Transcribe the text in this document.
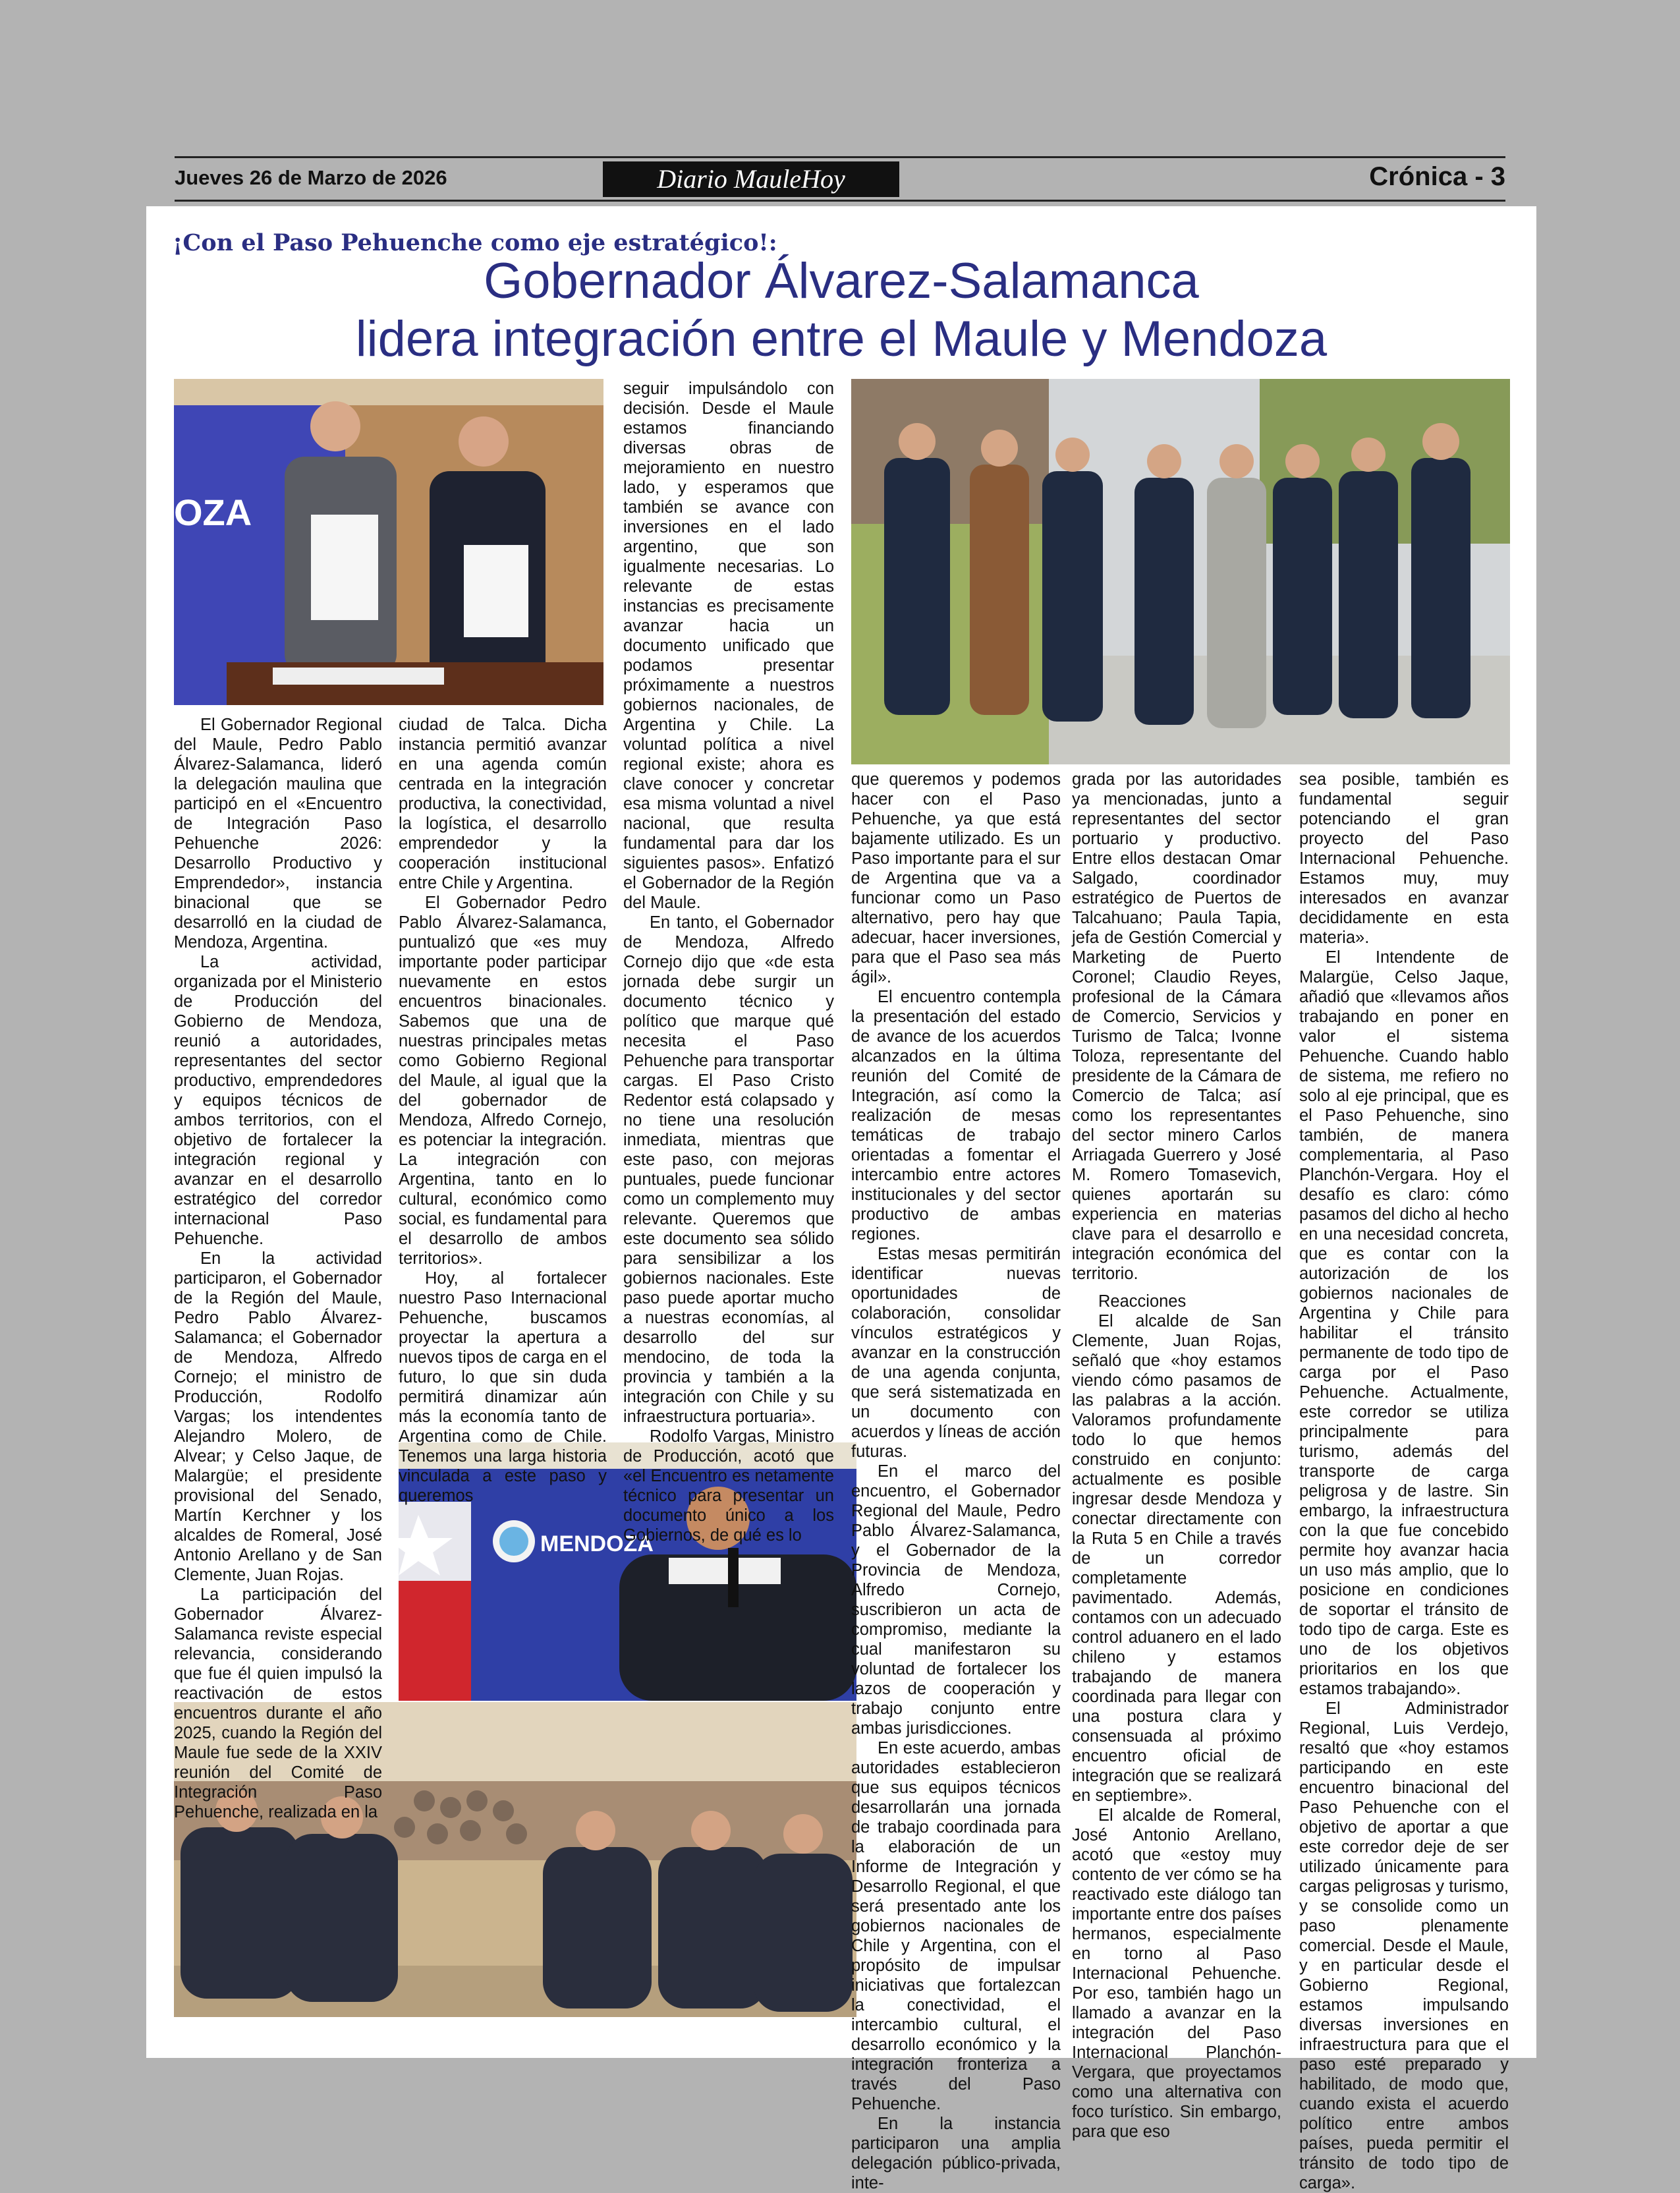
Jueves 26 de Marzo de 2026	Diario MauleHoy	Crónica - 3
¡Con el Paso Pehuenche como eje estratégico!:
Gobernador Álvarez-Salamanca
lidera integración entre el Maule y Mendoza
OZA
MENDOZA

El Gobernador Regional del Maule, Pedro Pablo Álvarez-Salamanca, lideró la delegación maulina que participó en el «Encuentro de Integración Paso Pehuenche 2026: Desarrollo Productivo y Emprendedor», instancia binacional que se desarrolló en la ciudad de Mendoza, Argentina.

La actividad, organizada por el Ministerio de Producción del Gobierno de Mendoza, reunió a autoridades, representantes del sector productivo, emprendedores y equipos técnicos de ambos territorios, con el objetivo de fortalecer la integración regional y avanzar en el desarrollo estratégico del corredor internacional Paso Pehuenche.

En la actividad participaron, el Gobernador de la Región del Maule, Pedro Pablo Álvarez-Salamanca; el Gobernador de Mendoza, Alfredo Cornejo; el ministro de Producción, Rodolfo Vargas; los intendentes Alejandro Molero, de Alvear; y Celso Jaque, de Malargüe; el presidente provisional del Senado, Martín Kerchner y los alcaldes de Romeral, José Antonio Arellano y de San Clemente, Juan Rojas.

La participación del Gobernador Álvarez-Salamanca reviste especial relevancia, considerando que fue él quien impulsó la reactivación de estos encuentros durante el año 2025, cuando la Región del Maule fue sede de la XXIV reunión del Comité de Integración Paso Pehuenche, realizada en la

ciudad de Talca. Dicha instancia permitió avanzar en una agenda común centrada en la integración productiva, la conectividad, la logística, el desarrollo emprendedor y la cooperación institucional entre Chile y Argentina.

El Gobernador Pedro Pablo Álvarez-Salamanca, puntualizó que «es muy importante poder participar nuevamente en estos encuentros binacionales. Sabemos que una de nuestras principales metas como Gobierno Regional del Maule, al igual que la del gobernador de Mendoza, Alfredo Cornejo, es potenciar la integración. La integración con Argentina, tanto en lo cultural, económico como social, es fundamental para el desarrollo de ambos territorios».

Hoy, al fortalecer nuestro Paso Internacional Pehuenche, buscamos proyectar la apertura a nuevos tipos de carga en el futuro, lo que sin duda permitirá dinamizar aún más la economía tanto de Argentina como de Chile. Tenemos una larga historia vinculada a este paso y queremos

seguir impulsándolo con decisión. Desde el Maule estamos financiando diversas obras de mejoramiento en nuestro lado, y esperamos que también se avance con inversiones en el lado argentino, que son igualmente necesarias. Lo relevante de estas instancias es precisamente avanzar hacia un documento unificado que podamos presentar próximamente a nuestros gobiernos nacionales, de Argentina y Chile. La voluntad política a nivel regional existe; ahora es clave conocer y concretar esa misma voluntad a nivel nacional, que resulta fundamental para dar los siguientes pasos». Enfatizó el Gobernador de la Región del Maule.

En tanto, el Gobernador de Mendoza, Alfredo Cornejo dijo que «de esta jornada debe surgir un documento técnico y político que marque qué necesita el Paso Pehuenche para transportar cargas. El Paso Cristo Redentor está colapsado y no tiene una resolución inmediata, mientras que este paso, con mejoras puntuales, puede funcionar como un complemento muy relevante. Queremos que este documento sea sólido para sensibilizar a los gobiernos nacionales. Este paso puede aportar mucho a nuestras economías, al desarrollo del sur mendocino, de toda la provincia y también a la integración con Chile y su infraestructura portuaria».

Rodolfo Vargas, Ministro de Producción, acotó que «el Encuentro es netamente técnico para presentar un documento único a los Gobiernos, de qué es lo

que queremos y podemos hacer con el Paso Pehuenche, ya que está bajamente utilizado. Es un Paso importante para el sur de Argentina que va a funcionar como un Paso alternativo, pero hay que adecuar, hacer inversiones, para que el Paso sea más ágil».

El encuentro contempla la presentación del estado de avance de los acuerdos alcanzados en la última reunión del Comité de Integración, así como la realización de mesas temáticas de trabajo orientadas a fomentar el intercambio entre actores institucionales y del sector productivo de ambas regiones.

Estas mesas permitirán identificar nuevas oportunidades de colaboración, consolidar vínculos estratégicos y avanzar en la construcción de una agenda conjunta, que será sistematizada en un documento con acuerdos y líneas de acción futuras.

En el marco del encuentro, el Gobernador Regional del Maule, Pedro Pablo Álvarez-Salamanca, y el Gobernador de la Provincia de Mendoza, Alfredo Cornejo, suscribieron un acta de compromiso, mediante la cual manifestaron su voluntad de fortalecer los lazos de cooperación y trabajo conjunto entre ambas jurisdicciones.

En este acuerdo, ambas autoridades establecieron que sus equipos técnicos desarrollarán una jornada de trabajo coordinada para la elaboración de un Informe de Integración y Desarrollo Regional, el que será presentado ante los gobiernos nacionales de Chile y Argentina, con el propósito de impulsar iniciativas que fortalezcan la conectividad, el intercambio cultural, el desarrollo económico y la integración fronteriza a través del Paso Pehuenche.

En la instancia participaron una amplia delegación público-privada, inte-

grada por las autoridades ya mencionadas, junto a representantes del sector portuario y productivo. Entre ellos destacan Omar Salgado, coordinador estratégico de Puertos de Talcahuano; Paula Tapia, jefa de Gestión Comercial y Marketing de Puerto Coronel; Claudio Reyes, profesional de la Cámara de Comercio, Servicios y Turismo de Talca; Ivonne Toloza, representante del presidente de la Cámara de Comercio de Talca; así como los representantes del sector minero Carlos Arriagada Guerrero y José M. Romero Tomasevich, quienes aportarán su experiencia en materias clave para el desarrollo e integración económica del territorio.

Reacciones

El alcalde de San Clemente, Juan Rojas, señaló que «hoy estamos viendo cómo pasamos de las palabras a la acción. Valoramos profundamente todo lo que hemos construido en conjunto: actualmente es posible ingresar desde Mendoza y conectar directamente con la Ruta 5 en Chile a través de un corredor completamente pavimentado. Además, contamos con un adecuado control aduanero en el lado chileno y estamos trabajando de manera coordinada para llegar con una postura clara y consensuada al próximo encuentro oficial de integración que se realizará en septiembre».

El alcalde de Romeral, José Antonio Arellano, acotó que «estoy muy contento de ver cómo se ha reactivado este diálogo tan importante entre dos países hermanos, especialmente en torno al Paso Internacional Pehuenche. Por eso, también hago un llamado a avanzar en la integración del Paso Internacional Planchón-Vergara, que proyectamos como una alternativa con foco turístico. Sin embargo, para que eso

sea posible, también es fundamental seguir potenciando el gran proyecto del Paso Internacional Pehuenche. Estamos muy, muy interesados en avanzar decididamente en esta materia».

El Intendente de Malargüe, Celso Jaque, añadió que «llevamos años trabajando en poner en valor el sistema Pehuenche. Cuando hablo de sistema, me refiero no solo al eje principal, que es el Paso Pehuenche, sino también, de manera complementaria, al Paso Planchón-Vergara. Hoy el desafío es claro: cómo pasamos del dicho al hecho en una necesidad concreta, que es contar con la autorización de los gobiernos nacionales de Argentina y Chile para habilitar el tránsito permanente de todo tipo de carga por el Paso Pehuenche. Actualmente, este corredor se utiliza principalmente para turismo, además del transporte de carga peligrosa y de lastre. Sin embargo, la infraestructura con la que fue concebido permite hoy avanzar hacia un uso más amplio, que lo posicione en condiciones de soportar el tránsito de todo tipo de carga. Este es uno de los objetivos prioritarios en los que estamos trabajando».

El Administrador Regional, Luis Verdejo, resaltó que «hoy estamos participando en este encuentro binacional del Paso Pehuenche con el objetivo de aportar a que este corredor deje de ser utilizado únicamente para cargas peligrosas y turismo, y se consolide como un paso plenamente comercial. Desde el Maule, y en particular desde el Gobierno Regional, estamos impulsando diversas inversiones en infraestructura para que el paso esté preparado y habilitado, de modo que, cuando exista el acuerdo político entre ambos países, pueda permitir el tránsito de todo tipo de carga».
